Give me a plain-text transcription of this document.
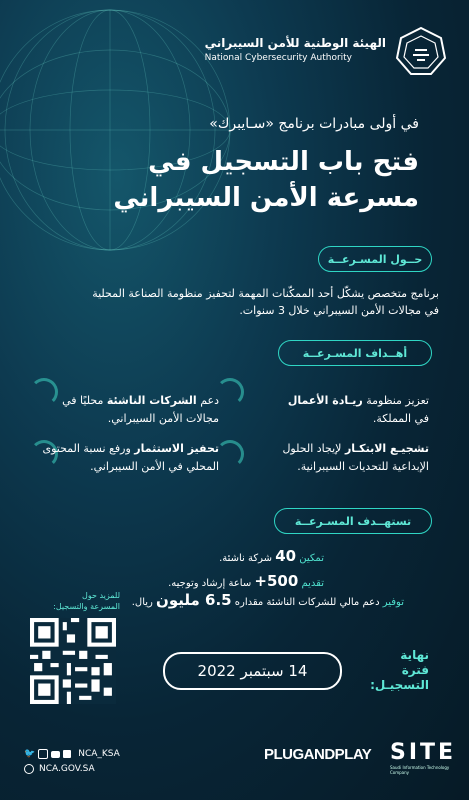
الهيئة الوطنية للأمن السيبراني
National Cybersecurity Authority
في أولى مبادرات برنامج «سـايبرك»
فتح باب التسجيل في
مسرعة الأمن السيبراني
حــول المسـرعــة
برنامج متخصص يشكّل أحد الممكّنات المهمة لتحفيز منظومة الصناعة المحلية
في مجالات الأمن السيبراني خلال 3 سنوات.
أهــداف المسـرعــة
تعزيز منظومة ريـادة الأعمال
في المملكة.
تشجيـع الابتكـار لإيجاد الحلول
الإبداعية للتحديات السيبرانية.
دعم الشركات الناشئة محليًا في
مجالات الأمن السيبراني.
تحفيز الاستثمار ورفع نسبة المحتوى
المحلي في الأمن السيبراني.
تستهــدف المسـرعــة
تمكين 40 شركة ناشئة.
تقديم +500 ساعة إرشاد وتوجيه.
توفير دعم مالي للشركات الناشئة مقداره 6.5 مليون ريال.
للمزيد حول
المسرعة والتسجيل:
نهاية
فترة
التسجيـل:
14 سبتمبر 2022
🐦	NCA_KSA
NCA.GOV.SA
PLUGANDPLAY SITE
Saudi Information Technology Company
